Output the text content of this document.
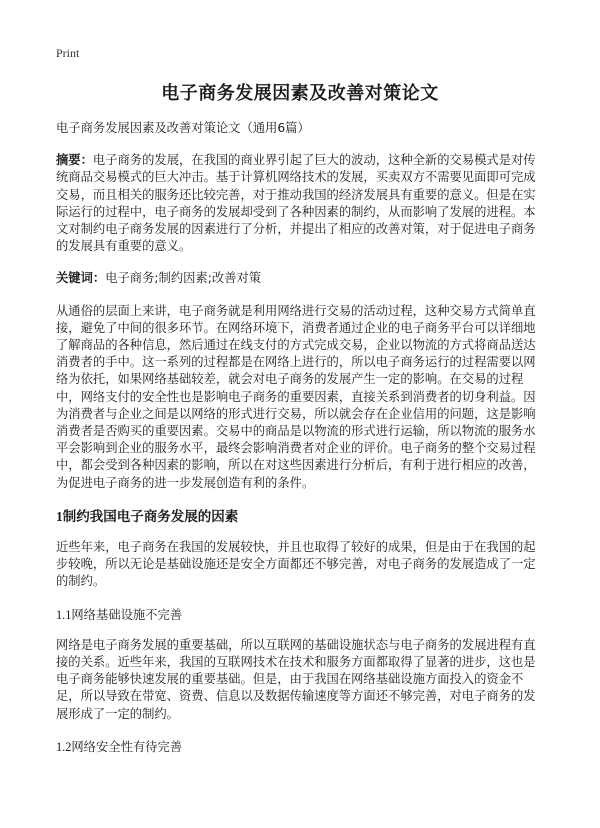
Print
电子商务发展因素及改善对策论文

电子商务发展因素及改善对策论文（通用6篇）

摘要：电子商务的发展，在我国的商业界引起了巨大的波动，这种全新的交易模式是对传统商品交易模式的巨大冲击。基于计算机网络技术的发展，买卖双方不需要见面即可完成交易，而且相关的服务还比较完善，对于推动我国的经济发展具有重要的意义。但是在实际运行的过程中，电子商务的发展却受到了各种因素的制约，从而影响了发展的进程。本文对制约电子商务发展的因素进行了分析，并提出了相应的改善对策，对于促进电子商务的发展具有重要的意义。

关键词：电子商务;制约因素;改善对策

从通俗的层面上来讲，电子商务就是利用网络进行交易的活动过程，这种交易方式简单直接，避免了中间的很多环节。在网络环境下，消费者通过企业的电子商务平台可以详细地了解商品的各种信息，然后通过在线支付的方式完成交易，企业以物流的方式将商品送达消费者的手中。这一系列的过程都是在网络上进行的，所以电子商务运行的过程需要以网络为依托，如果网络基础较差，就会对电子商务的发展产生一定的影响。在交易的过程中，网络支付的安全性也是影响电子商务的重要因素，直接关系到消费者的切身利益。因为消费者与企业之间是以网络的形式进行交易，所以就会存在企业信用的问题，这是影响消费者是否购买的重要因素。交易中的商品是以物流的形式进行运输，所以物流的服务水平会影响到企业的服务水平，最终会影响消费者对企业的评价。电子商务的整个交易过程中，都会受到各种因素的影响，所以在对这些因素进行分析后，有利于进行相应的改善，为促进电子商务的进一步发展创造有利的条件。

1制约我国电子商务发展的因素

近些年来，电子商务在我国的发展较快，并且也取得了较好的成果，但是由于在我国的起步较晚，所以无论是基础设施还是安全方面都还不够完善，对电子商务的发展造成了一定的制约。

1.1网络基础设施不完善

网络是电子商务发展的重要基础，所以互联网的基础设施状态与电子商务的发展进程有直接的关系。近些年来，我国的互联网技术在技术和服务方面都取得了显著的进步，这也是电子商务能够快速发展的重要基础。但是，由于我国在网络基础设施方面投入的资金不足，所以导致在带宽、资费、信息以及数据传输速度等方面还不够完善，对电子商务的发展形成了一定的制约。

1.2网络安全性有待完善
